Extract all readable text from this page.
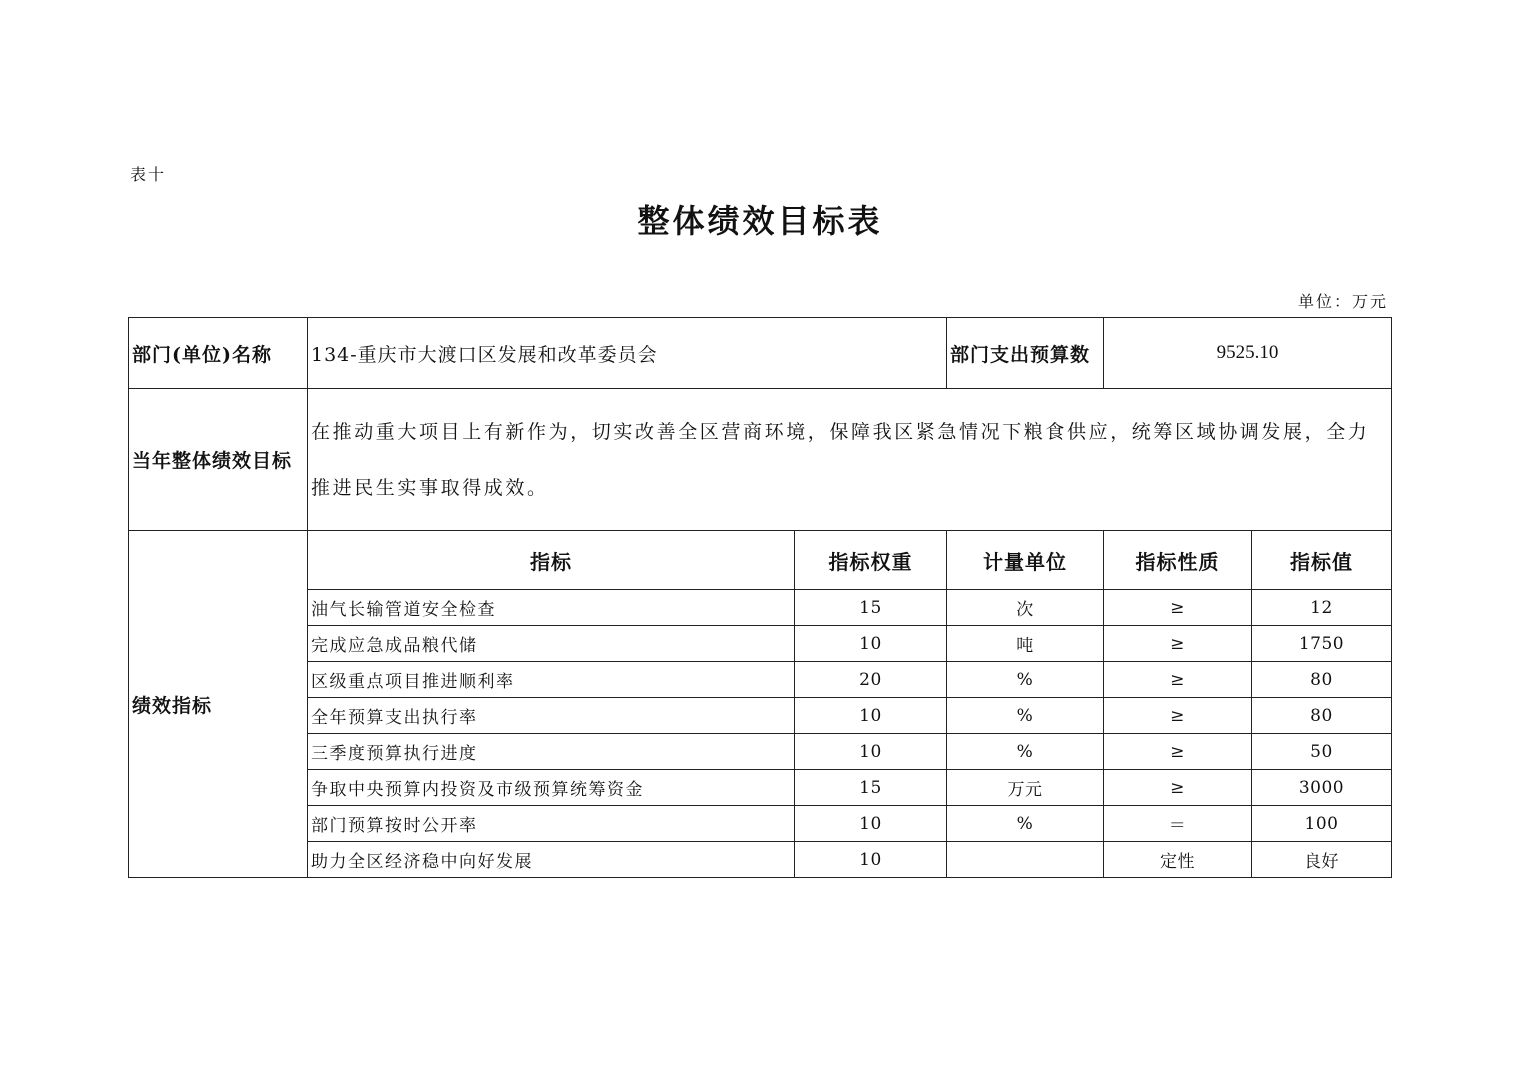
表十
整体绩效目标表
单位：万元
部门(单位)名称	134-重庆市大渡口区发展和改革委员会		部门支出预算数	9525.10	
当年整体绩效目标	在推动重大项目上有新作为，切实改善全区营商环境，保障我区紧急情况下粮食供应，统筹区域协调发展，全力推进民生实事取得成效。				
绩效指标	指标	指标权重	计量单位	指标性质	指标值
	油气长输管道安全检查	15	次	≥	12
	完成应急成品粮代储	10	吨	≥	1750
	区级重点项目推进顺利率	20	%	≥	80
	全年预算支出执行率	10	%	≥	80
	三季度预算执行进度	10	%	≥	50
	争取中央预算内投资及市级预算统筹资金	15	万元	≥	3000
	部门预算按时公开率	10	%	＝	100
	助力全区经济稳中向好发展	10		定性	良好
